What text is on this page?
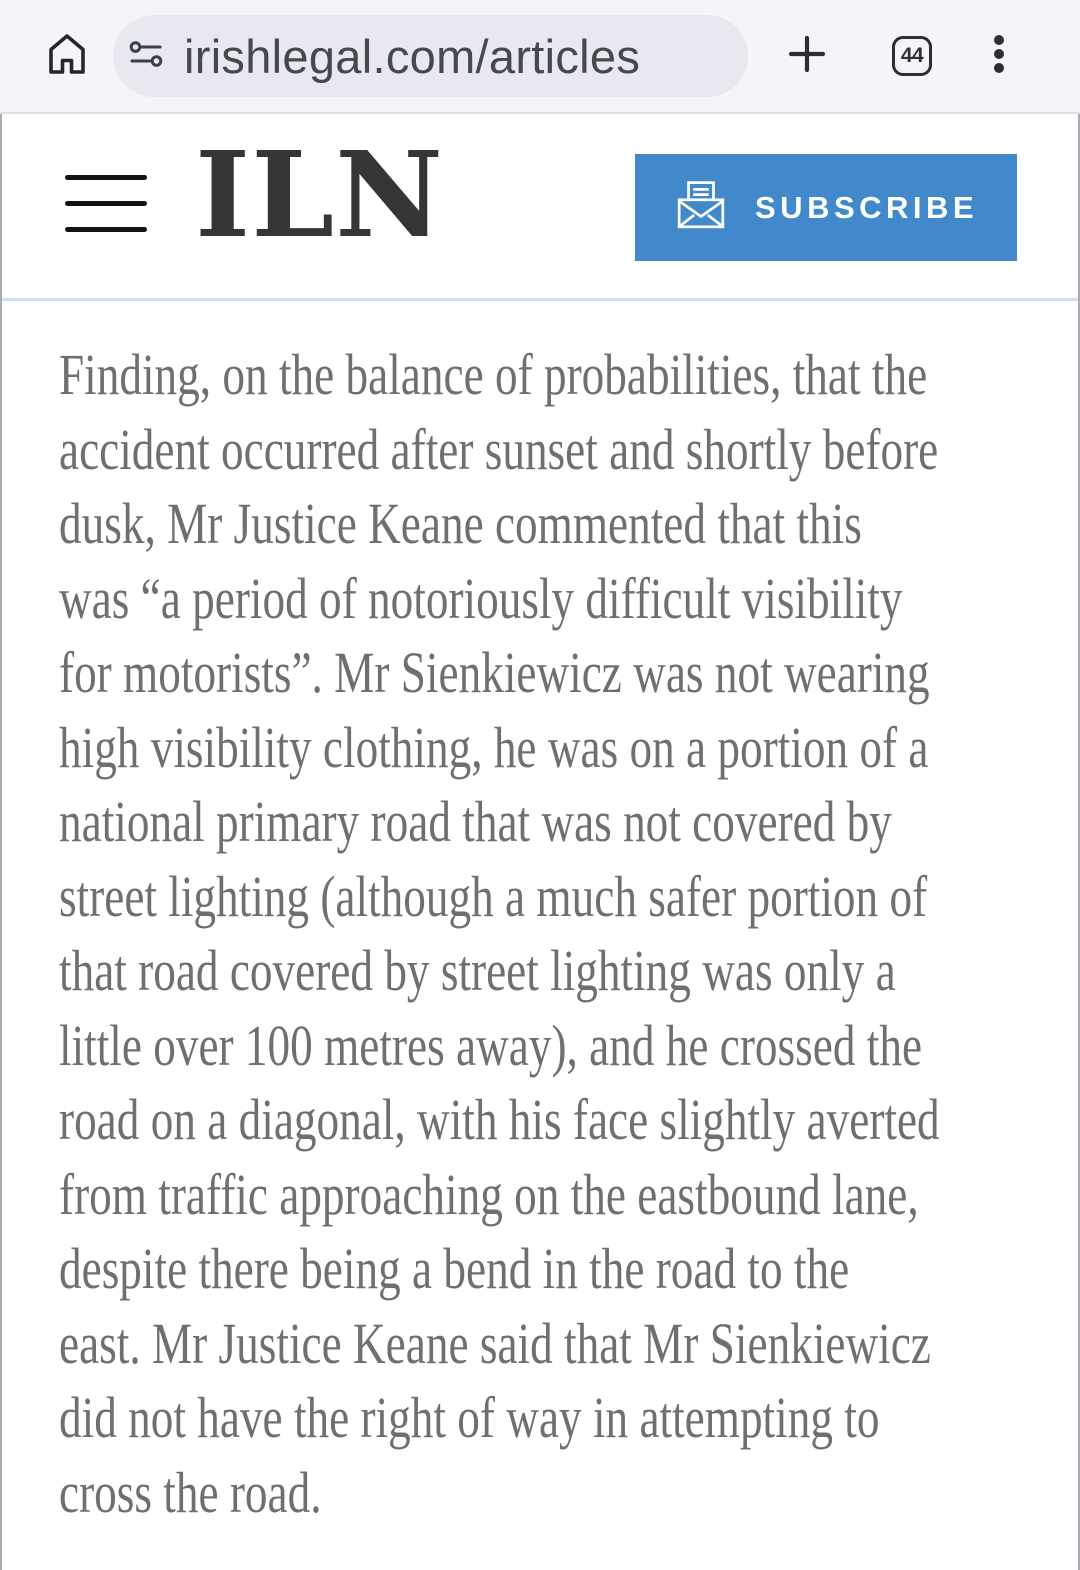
irishlegal.com/articles	44
ILN	SUBSCRIBE
Finding, on the balance of probabilities, that the
accident occurred after sunset and shortly before
dusk, Mr Justice Keane commented that this
was “a period of notoriously difficult visibility
for motorists”. Mr Sienkiewicz was not wearing
high visibility clothing, he was on a portion of a
national primary road that was not covered by
street lighting (although a much safer portion of
that road covered by street lighting was only a
little over 100 metres away), and he crossed the
road on a diagonal, with his face slightly averted
from traffic approaching on the eastbound lane,
despite there being a bend in the road to the
east. Mr Justice Keane said that Mr Sienkiewicz
did not have the right of way in attempting to
cross the road.
